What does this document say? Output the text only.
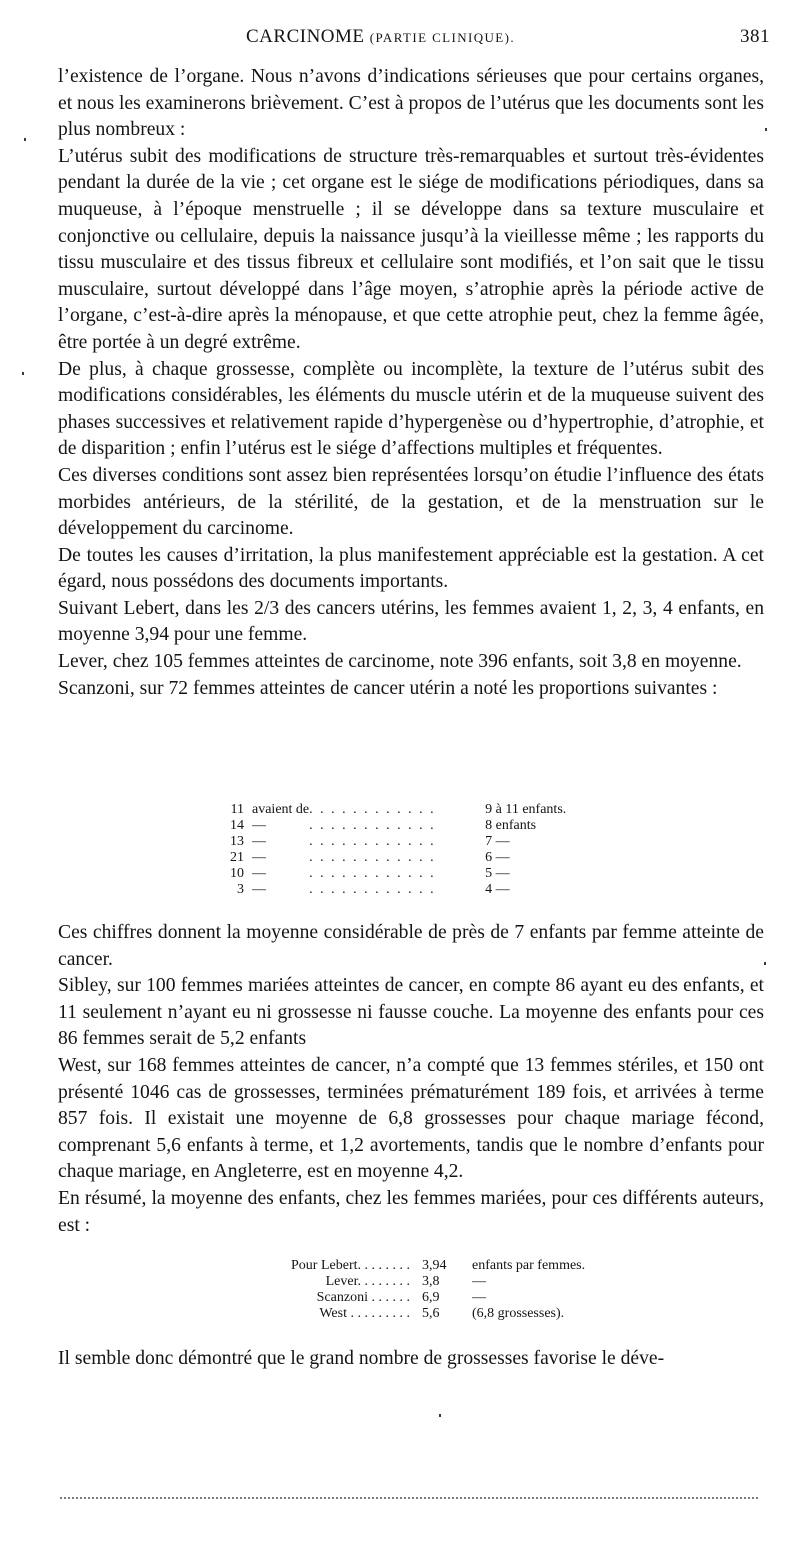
CARCINOME (PARTIE CLINIQUE).	381

l’existence de l’organe. Nous n’avons d’indications sérieuses que pour certains organes, et nous les examinerons brièvement. C’est à propos de l’utérus que les documents sont les plus nombreux :

L’utérus subit des modifications de structure très-remarquables et surtout très-évidentes pendant la durée de la vie ; cet organe est le siége de modifications périodiques, dans sa muqueuse, à l’époque menstruelle ; il se développe dans sa texture musculaire et conjonctive ou cellulaire, depuis la naissance jusqu’à la vieillesse même ; les rapports du tissu musculaire et des tissus fibreux et cellulaire sont modifiés, et l’on sait que le tissu musculaire, surtout développé dans l’âge moyen, s’atrophie après la période active de l’organe, c’est-à-dire après la ménopause, et que cette atrophie peut, chez la femme âgée, être portée à un degré extrême.

De plus, à chaque grossesse, complète ou incomplète, la texture de l’utérus subit des modifications considérables, les éléments du muscle utérin et de la muqueuse suivent des phases successives et relativement rapide d’hypergenèse ou d’hypertrophie, d’atrophie, et de disparition ; enfin l’utérus est le siége d’affections multiples et fréquentes.

Ces diverses conditions sont assez bien représentées lorsqu’on étudie l’influence des états morbides antérieurs, de la stérilité, de la gestation, et de la menstruation sur le développement du carcinome.

De toutes les causes d’irritation, la plus manifestement appréciable est la gestation. A cet égard, nous possédons des documents importants.

Suivant Lebert, dans les 2/3 des cancers utérins, les femmes avaient 1, 2, 3, 4 enfants, en moyenne 3,94 pour une femme.

Lever, chez 105 femmes atteintes de carcinome, note 396 enfants, soit 3,8 en moyenne.

Scanzoni, sur 72 femmes atteintes de cancer utérin a noté les proportions suivantes :

11	avaient de	. . . . . . . . . . . .	9 à 11 enfants.
14	—	. . . . . . . . . . . .	8 enfants
13	—	. . . . . . . . . . . .	7 —
21	—	. . . . . . . . . . . .	6 —
10	—	. . . . . . . . . . . .	5 —
3	—	. . . . . . . . . . . .	4 —

Ces chiffres donnent la moyenne considérable de près de 7 enfants par femme atteinte de cancer.

Sibley, sur 100 femmes mariées atteintes de cancer, en compte 86 ayant eu des enfants, et 11 seulement n’ayant eu ni grossesse ni fausse couche. La moyenne des enfants pour ces 86 femmes serait de 5,2 enfants

West, sur 168 femmes atteintes de cancer, n’a compté que 13 femmes stériles, et 150 ont présenté 1046 cas de grossesses, terminées prématurément 189 fois, et arrivées à terme 857 fois. Il existait une moyenne de 6,8 grossesses pour chaque mariage fécond, comprenant 5,6 enfants à terme, et 1,2 avortements, tandis que le nombre d’enfants pour chaque mariage, en Angleterre, est en moyenne 4,2.

En résumé, la moyenne des enfants, chez les femmes mariées, pour ces différents auteurs, est :

Pour Lebert. . . . . . . .	3,94	enfants par femmes.
Lever. . . . . . . .	3,8	—
Scanzoni . . . . . .	6,9	—
West . . . . . . . . .	5,6	(6,8 grossesses).

Il semble donc démontré que le grand nombre de grossesses favorise le déve-
